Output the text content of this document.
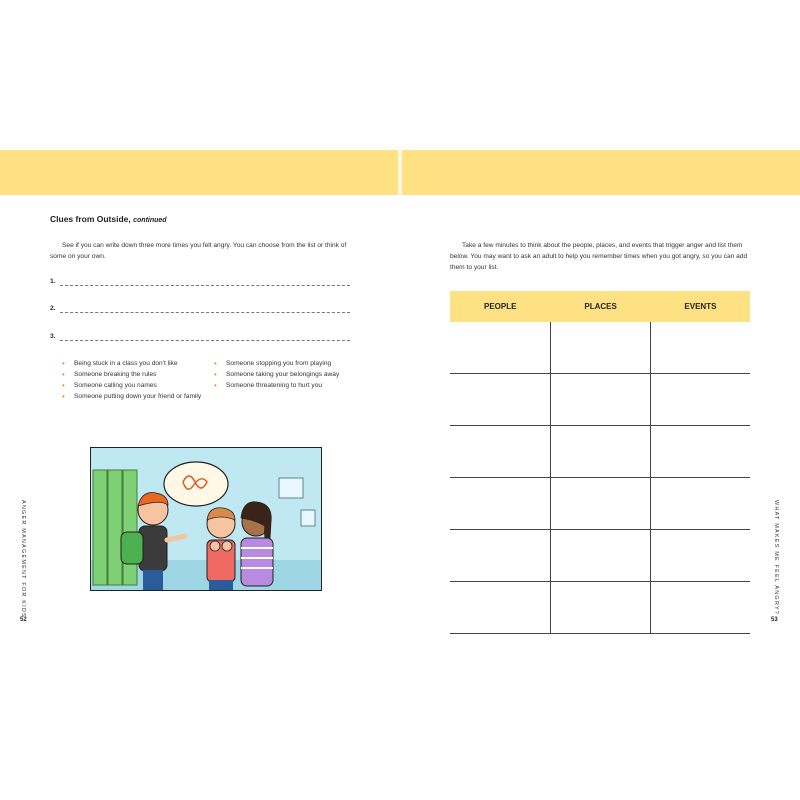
Clues from Outside, continued
See if you can write down three more times you felt angry. You can choose from the list or think of some on your own.
1.
2.
3.
• Being stuck in a class you don't like
• Someone breaking the rules
• Someone calling you names
• Someone putting down your friend or family
• Someone stopping you from playing
• Someone taking your belongings away
• Someone threatening to hurt you
ANGER MANAGEMENT FOR KIDS
52
Take a few minutes to think about the people, places, and events that trigger anger and list them below. You may want to ask an adult to help you remember times when you got angry, so you can add them to your list.
PEOPLE	PLACES	EVENTS

WHAT MAKES ME FEEL ANGRY?
53
